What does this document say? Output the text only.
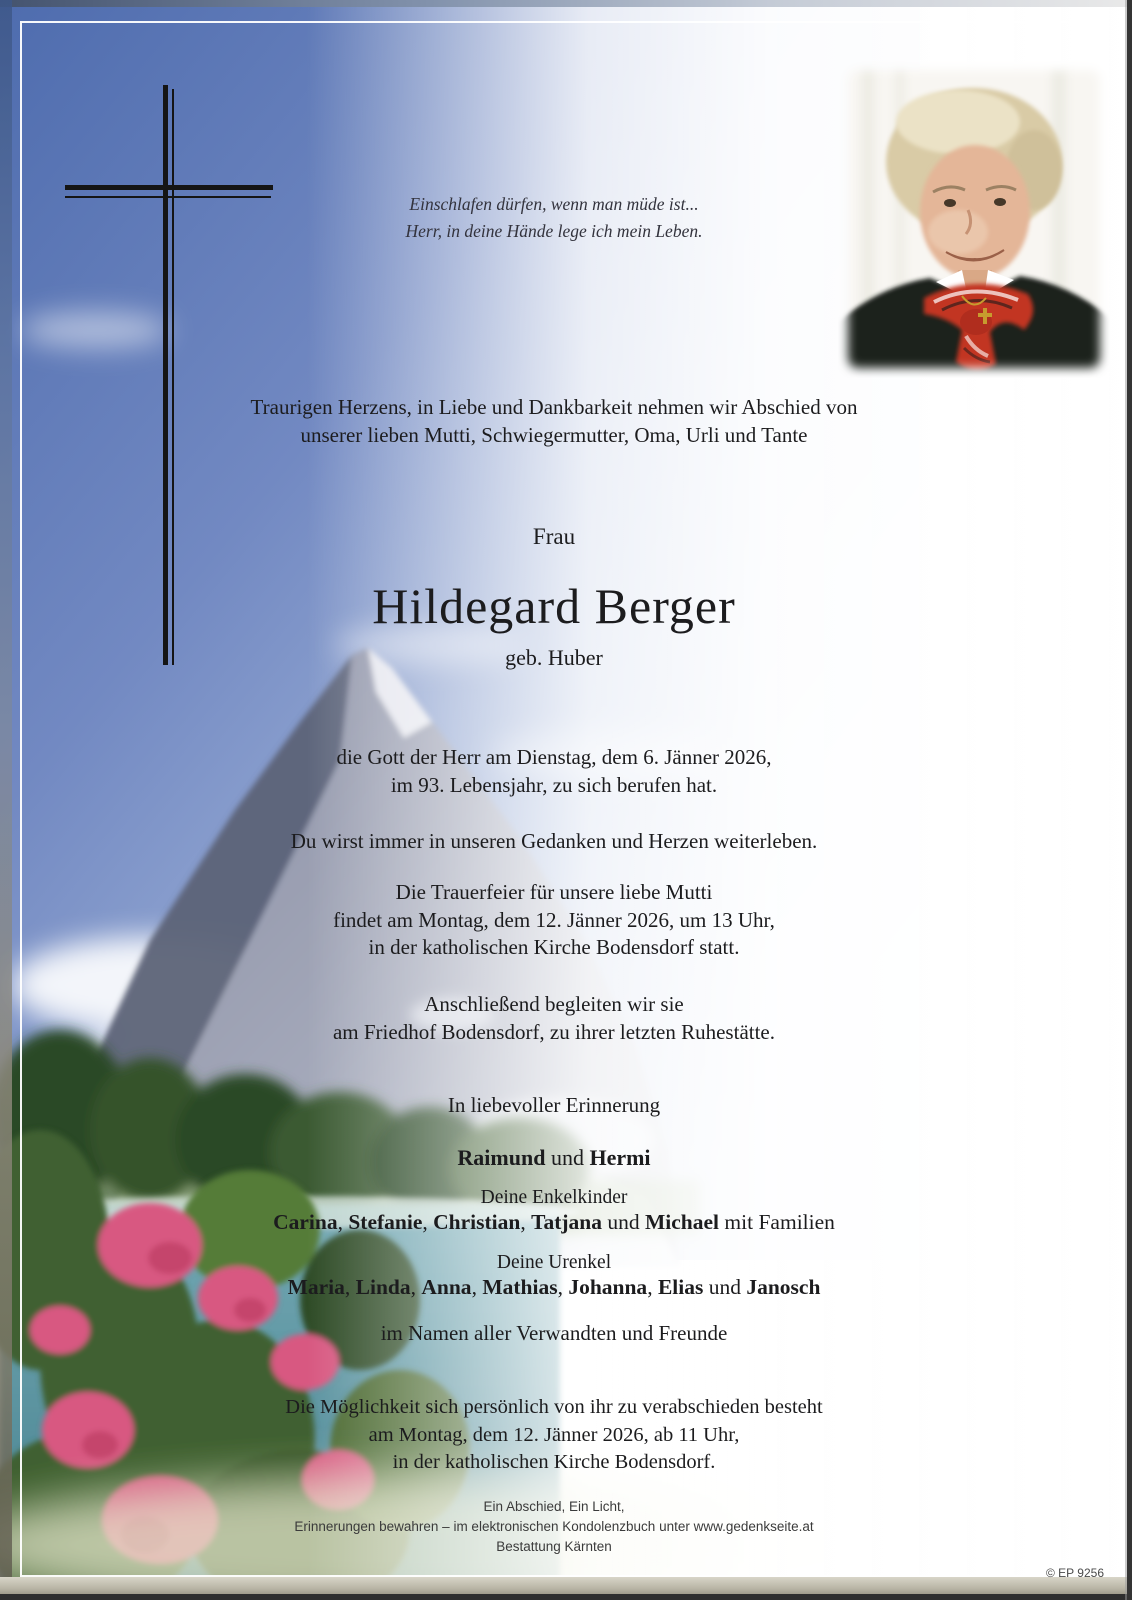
Einschlafen dürfen, wenn man müde ist...
Herr, in deine Hände lege ich mein Leben.
Traurigen Herzens, in Liebe und Dankbarkeit nehmen wir Abschied von
unserer lieben Mutti, Schwiegermutter, Oma, Urli und Tante
Frau
Hildegard Berger
geb. Huber
die Gott der Herr am Dienstag, dem 6. Jänner 2026,
im 93. Lebensjahr, zu sich berufen hat.
Du wirst immer in unseren Gedanken und Herzen weiterleben.
Die Trauerfeier für unsere liebe Mutti
findet am Montag, dem 12. Jänner 2026, um 13 Uhr,
in der katholischen Kirche Bodensdorf statt.
Anschließend begleiten wir sie
am Friedhof Bodensdorf, zu ihrer letzten Ruhestätte.
In liebevoller Erinnerung
Raimund und Hermi
Deine Enkelkinder
Carina, Stefanie, Christian, Tatjana und Michael mit Familien
Deine Urenkel
Maria, Linda, Anna, Mathias, Johanna, Elias und Janosch
im Namen aller Verwandten und Freunde
Die Möglichkeit sich persönlich von ihr zu verabschieden besteht
am Montag, dem 12. Jänner 2026, ab 11 Uhr,
in der katholischen Kirche Bodensdorf.
Ein Abschied, Ein Licht,
Erinnerungen bewahren – im elektronischen Kondolenzbuch unter www.gedenkseite.at
Bestattung Kärnten
© EP 9256
